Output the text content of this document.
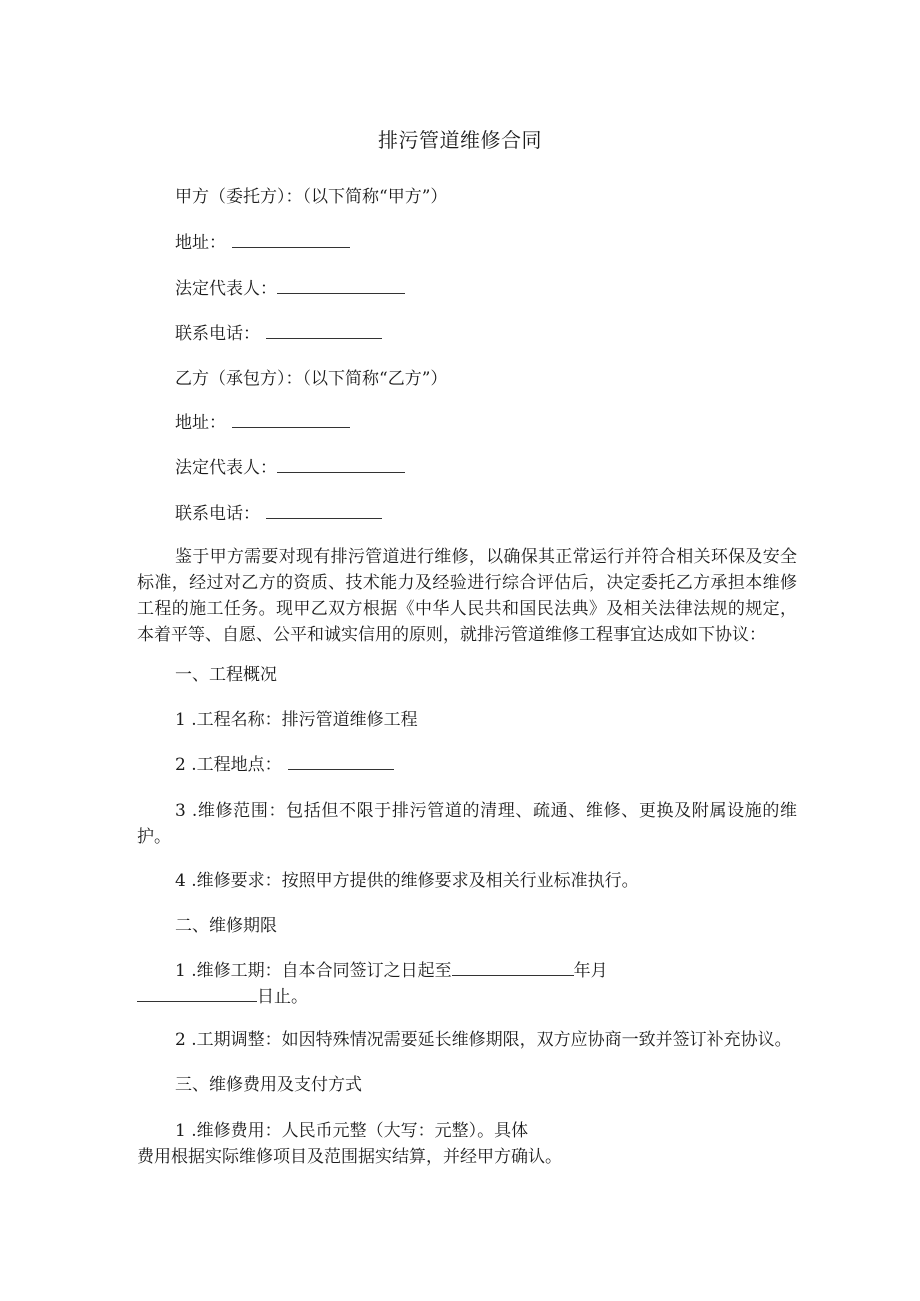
排污管道维修合同
甲方（委托方）：（以下简称“甲方”）
地址：
法定代表人：
联系电话：
乙方（承包方）：（以下简称“乙方”）
地址：
法定代表人：
联系电话：
鉴于甲方需要对现有排污管道进行维修，以确保其正常运行并符合相关环保及安全标准，经过对乙方的资质、技术能力及经验进行综合评估后，决定委托乙方承担本维修工程的施工任务。现甲乙双方根据《中华人民共和国民法典》及相关法律法规的规定，本着平等、自愿、公平和诚实信用的原则，就排污管道维修工程事宜达成如下协议：
一、工程概况
1 .工程名称：排污管道维修工程
2 .工程地点：
3 .维修范围：包括但不限于排污管道的清理、疏通、维修、更换及附属设施的维护。
4 .维修要求：按照甲方提供的维修要求及相关行业标准执行。
二、维修期限
1 .维修工期：自本合同签订之日起至	年月
日止。
2 .工期调整：如因特殊情况需要延长维修期限，双方应协商一致并签订补充协议。
三、维修费用及支付方式
1 .维修费用：人民币元整（大写：元整）。具体
费用根据实际维修项目及范围据实结算，并经甲方确认。
